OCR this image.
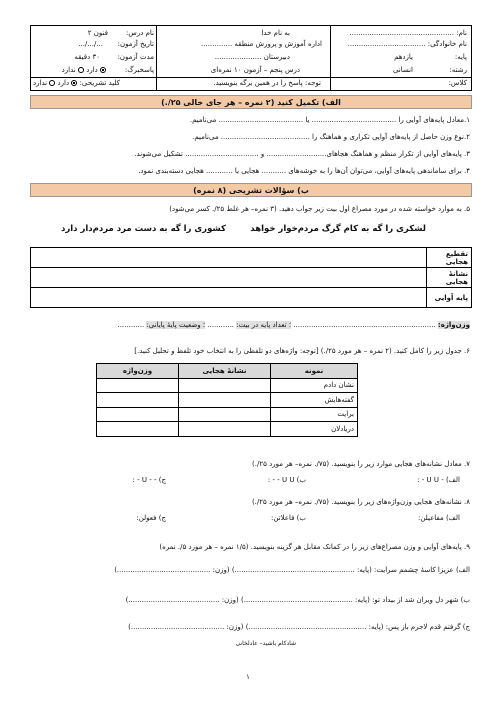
نام: ...............................................
نام خانوادگی: ...................................
پایه:
یازدهم
رشته:
انسانی
کلاس:
به نام خدا
اداره آموزش و پرورش منطقه ..............
دبیرستان .....................
درس پنجم – آزمون ۱۰ نمره‌ای
نام درس:
فنون ۲
تاریخ آزمون:
.../.../...
مدت آزمون:
۳۰ دقیقه
پاسخبرگ:
دارد  ندارد
توجه: پاسخ را در همین برگه بنویسید.
کلید تشریحی:  دارد  ندارد
الف) تکمیل کنید (۲ نمره – هر جای خالی ۲۵/.)
۱.معادل پایه‌های آوایی را ...................................... یا ...................................... می‌نامیم.
۲.نوع وزن حاصل از پایه‌های آوایی تکراری و هماهنگ را ........................................ می‌نامیم.
۳. پایه‌های آوایی از تکرار منظم و هماهنگ هجاهای........................... و ................................. تشکیل می‌شوند.
۴. برای ساماندهی پایه‌های آوایی، می‌توان آن‌ها را به خوشه‌های ........... هجایی یا ............ هجایی دسته‌بندی نمود.
ب) سؤالات تشریحی (۸ نمره)
۵. به موارد خواسته شده در مورد مصراع اول بیت زیر جواب دهید. (۳ نمره– هر غلط ۲۵/. کسر می‌شود)
لشکری را گه به کام گرگ مردم‌خوار خواهد
کشوری را گه به دست مرد مردم‌دار دارد
تقطیع هجایی	
نشانهٔ هجایی	
پایه آوایی	
وزن‌واژه: ................................................................ ؛ تعداد پایه در بیت: ............ ؛ وضعیت پایهٔ پایانی: ............
۶. جدول زیر را کامل کنید. (۲ نمره – هر مورد ۲۵/.) [توجه: واژه‌های دو تلفظی را به انتخاب خود تلفظ و تحلیل کنید.]
نمونه	نشانهٔ هجایی	وزن‌واژه
نشان دادم		
گفته‌هایش		
برایت		
دریادلان		
۷. معادل نشانه‌های هجایی موارد زیر را بنویسید. (۷۵/. نمره– هر مورد ۲۵/.)
الف) - U U - :
ب) U U - - :
ج) - - U - :
۸. نشانه‌های هجایی وزن‌واژه‌های زیر را بنویسید. (۷۵/. نمره– هر مورد ۲۵/.)
الف) مفاعیلن:
ب) فاعلاتن:
ج) فعولن:
۹. پایه‌های آوایی و وزن مصراع‌های زیر را در کمانک مقابل هر گزینه بنویسید. (۱/۵ نمره – هر مورد ۵/. نمره)
الف) عزیزا کاسهٔ چشمم سرایت: (پایه: ......................................................) (وزن: ..........................................)
ب) شهر دل ویران شد از بیداد تو: (پایه: .................................................) (وزن: .........................................)
ج) گرفتم قدم لاجرم باز پس: (پایه: .....................................................) (وزن: ..........................................)
شاد‌کام باشید– عادلخانی
۱
